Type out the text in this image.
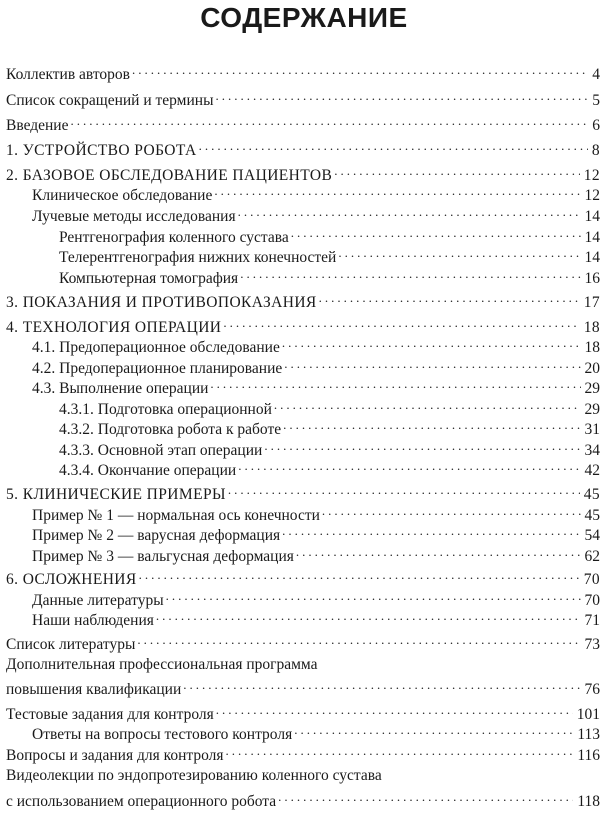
СОДЕРЖАНИЕ
Коллектив авторов .....	4
Список сокращений и термины .....	5
Введение .....	6
1. УСТРОЙСТВО РОБОТА .....	8
2. БАЗОВОЕ ОБСЛЕДОВАНИЕ ПАЦИЕНТОВ .....	12
Клиническое обследование .....	12
Лучевые методы исследования .....	14
Рентгенография коленного сустава .....	14
Телерентгенография нижних конечностей .....	14
Компьютерная томография .....	16
3. ПОКАЗАНИЯ И ПРОТИВОПОКАЗАНИЯ .....	17
4. ТЕХНОЛОГИЯ ОПЕРАЦИИ .....	18
4.1. Предоперационное обследование .....	18
4.2. Предоперационное планирование .....	20
4.3. Выполнение операции .....	29
4.3.1. Подготовка операционной .....	29
4.3.2. Подготовка робота к работе .....	31
4.3.3. Основной этап операции .....	34
4.3.4. Окончание операции .....	42
5. КЛИНИЧЕСКИЕ ПРИМЕРЫ .....	45
Пример № 1 — нормальная ось конечности .....	45
Пример № 2 — варусная деформация .....	54
Пример № 3 — вальгусная деформация .....	62
6. ОСЛОЖНЕНИЯ .....	70
Данные литературы .....	70
Наши наблюдения .....	71
Список литературы .....	73
Дополнительная профессиональная программа
повышения квалификации .....	76
Тестовые задания для контроля .....	101
Ответы на вопросы тестового контроля .....	113
Вопросы и задания для контроля .....	116
Видеолекции по эндопротезированию коленного сустава
с использованием операционного робота .....	118
